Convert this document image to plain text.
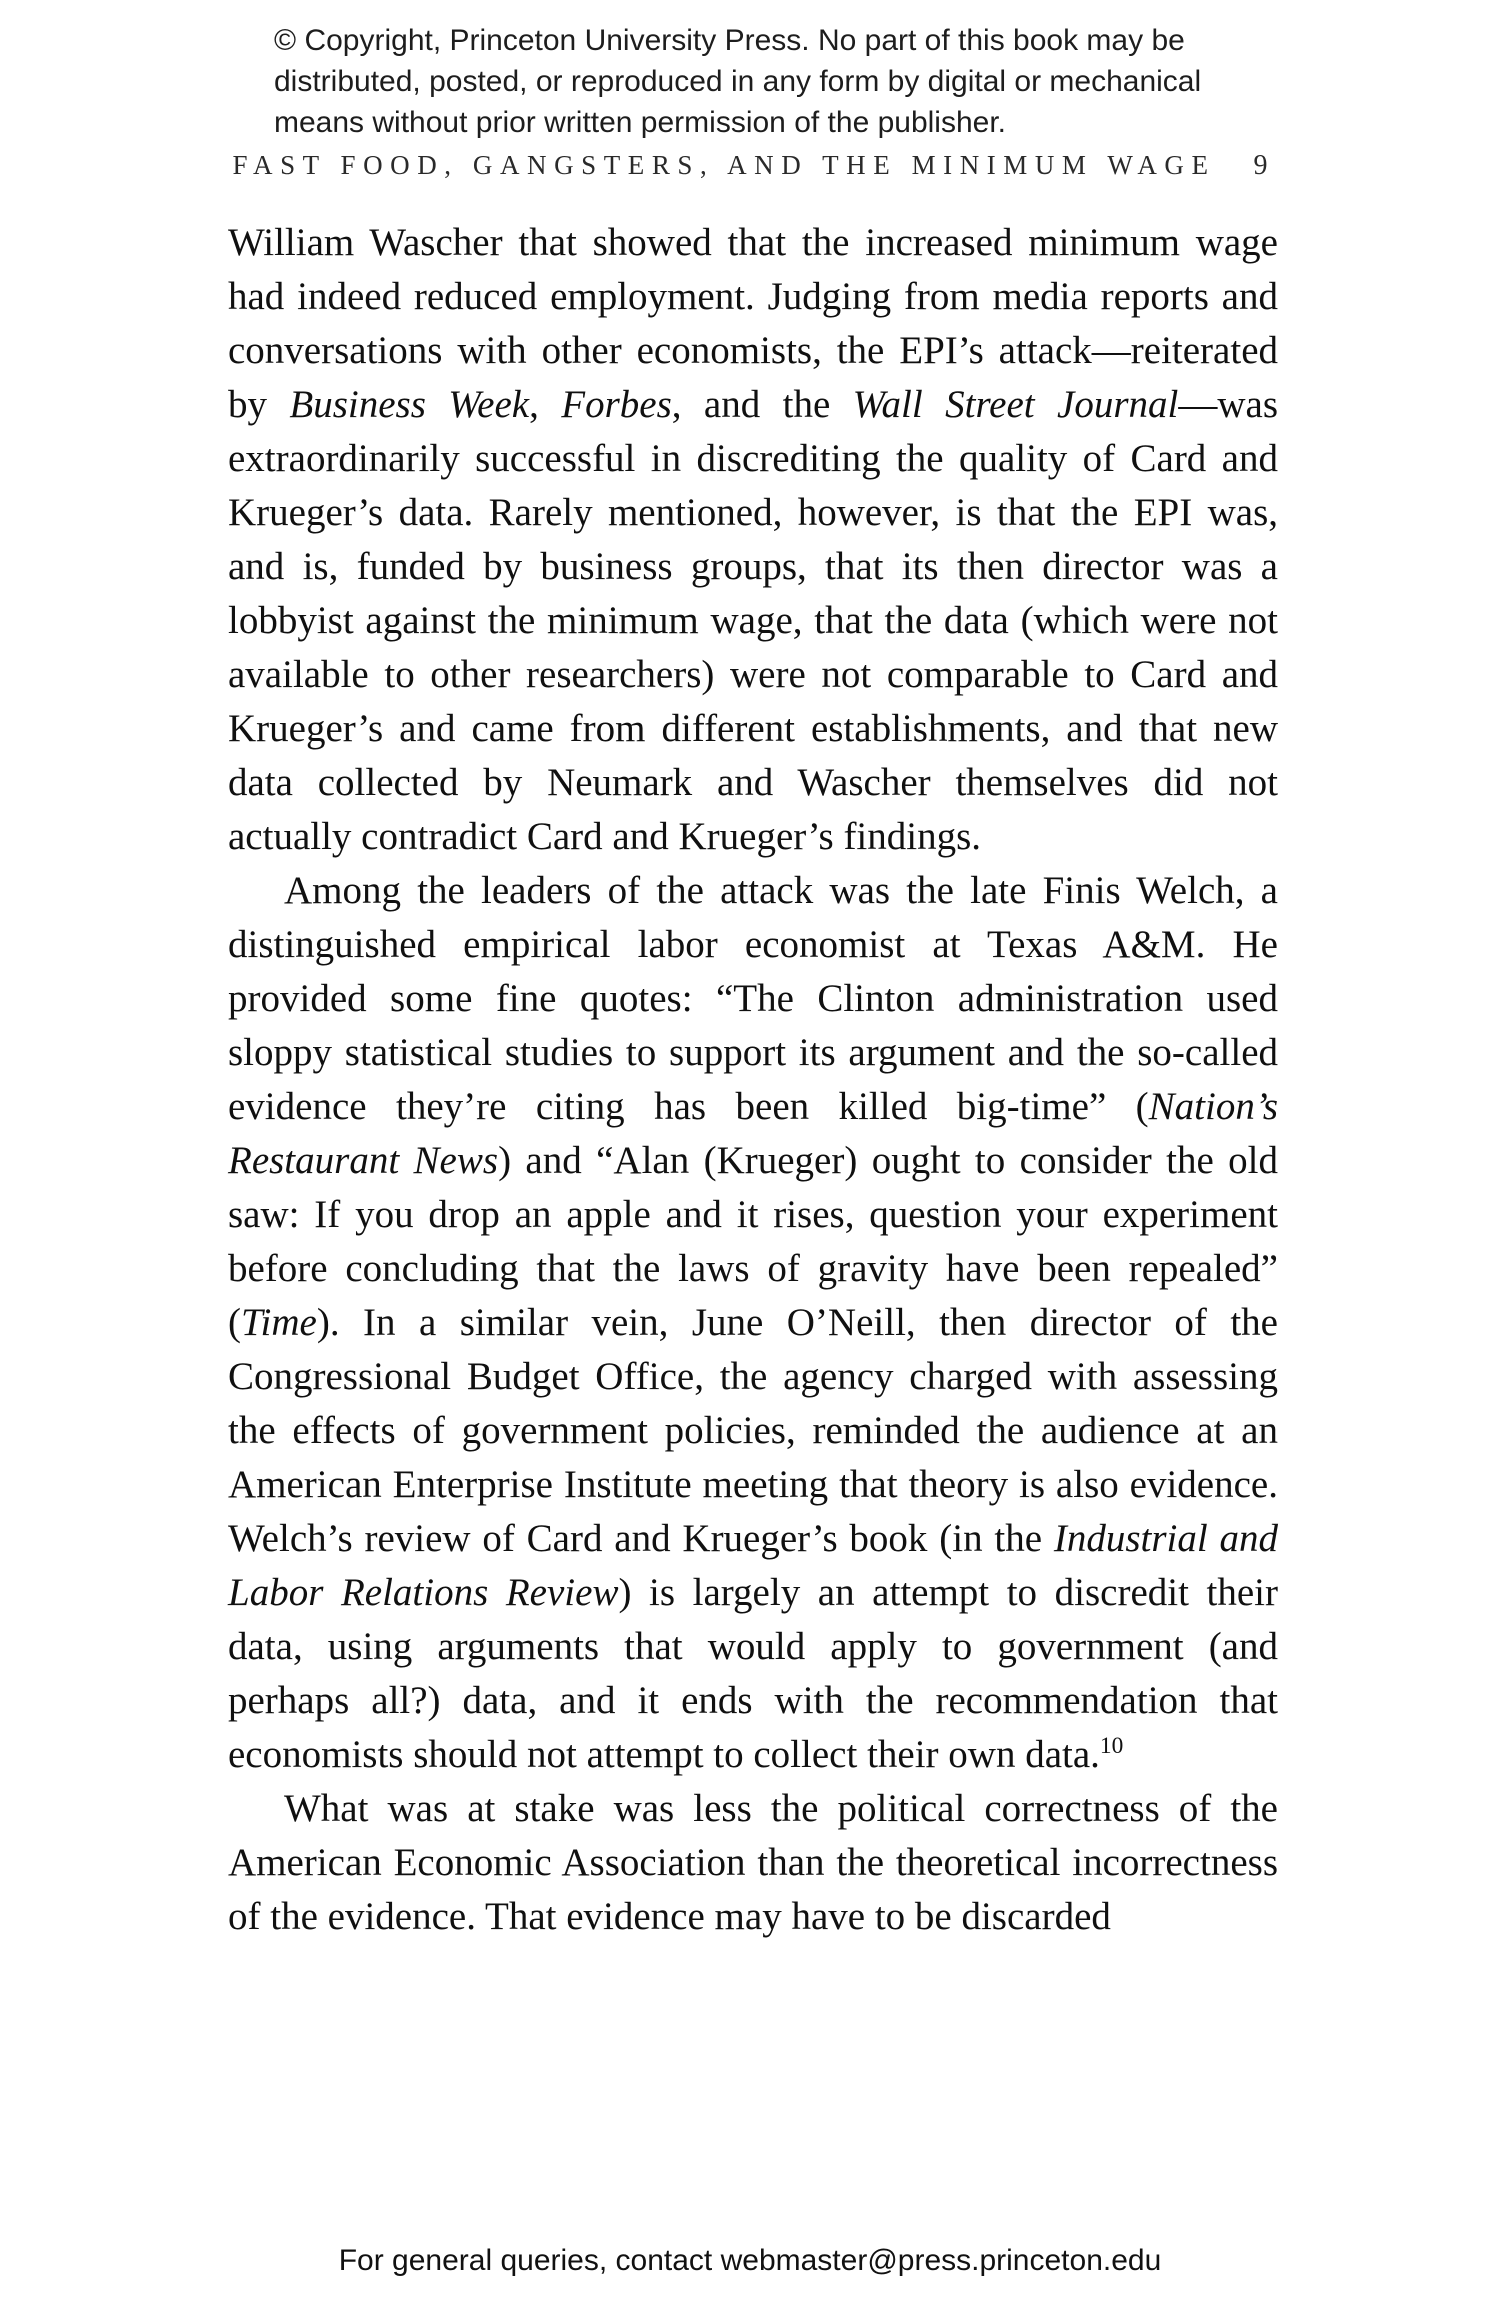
© Copyright, Princeton University Press. No part of this book may be
distributed, posted, or reproduced in any form by digital or mechanical
means without prior written permission of the publisher.
FAST FOOD, GANGSTERS, AND THE MINIMUM WAGE 9

William Wascher that showed that the increased minimum wage had indeed reduced employment. Judging from media reports and conversations with other economists, the EPI’s attack—reiterated by Business Week, Forbes, and the Wall Street Journal—was extraordinarily successful in discrediting the quality of Card and Krueger’s data. Rarely mentioned, however, is that the EPI was, and is, funded by business groups, that its then director was a lobbyist against the minimum wage, that the data (which were not available to other researchers) were not comparable to Card and Krueger’s and came from different establishments, and that new data collected by Neumark and Wascher themselves did not actually contradict Card and Krueger’s findings.

Among the leaders of the attack was the late Finis Welch, a distinguished empirical labor economist at Texas A&M. He provided some fine quotes: “The Clinton administration used sloppy statistical studies to support its argument and the so-called evidence they’re citing has been killed big-time” (Nation’s Restaurant News) and “Alan (Krueger) ought to consider the old saw: If you drop an apple and it rises, question your experiment before concluding that the laws of gravity have been repealed” (Time). In a similar vein, June O’Neill, then director of the Congressional Budget Office, the agency charged with assessing the effects of government policies, reminded the audience at an American Enterprise Institute meeting that theory is also evidence. Welch’s review of Card and Krueger’s book (in the Industrial and Labor Relations Review) is largely an attempt to discredit their data, using arguments that would apply to government (and perhaps all?) data, and it ends with the recommendation that economists should not attempt to collect their own data.$^{10}$

What was at stake was less the political correctness of the American Economic Association than the theoretical incorrectness of the evidence. That evidence may have to be discarded

For general queries, contact webmaster@press.princeton.edu
